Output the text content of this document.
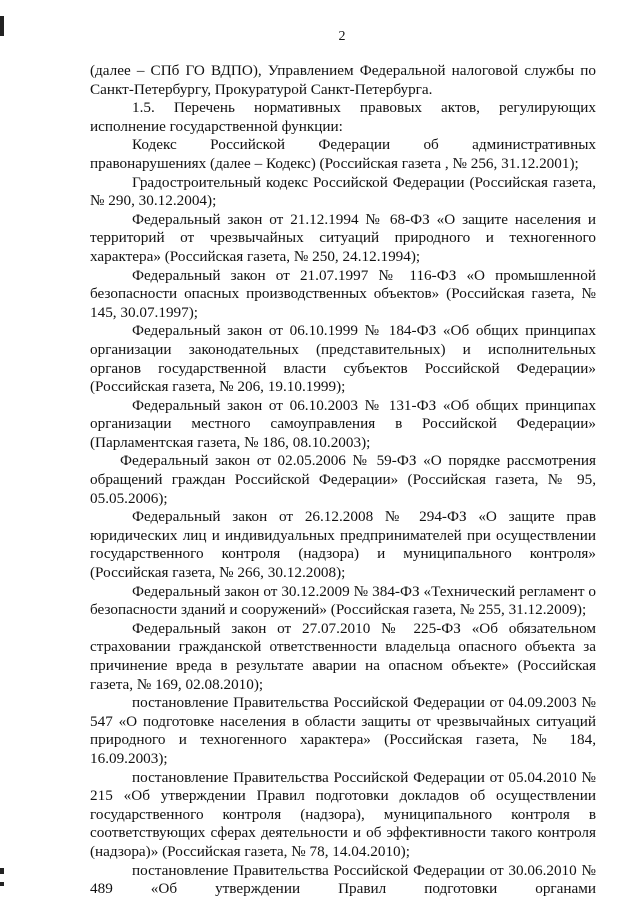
2

(далее – СПб ГО ВДПО), Управлением Федеральной налоговой службы по Санкт-Петербургу, Прокуратурой Санкт-Петербурга.

1.5. Перечень нормативных правовых актов, регулирующих исполнение государственной функции:

Кодекс Российской Федерации об административных правонарушениях (далее – Кодекс) (Российская газета , № 256, 31.12.2001);

Градостроительный кодекс Российской Федерации (Российская газета, № 290, 30.12.2004);

Федеральный закон от 21.12.1994 № 68-ФЗ «О защите населения и территорий от чрезвычайных ситуаций природного и техногенного характера» (Российская газета, № 250, 24.12.1994);

Федеральный закон от 21.07.1997 № 116-ФЗ «О промышленной безопасности опасных производственных объектов» (Российская газета, № 145, 30.07.1997);

Федеральный закон от 06.10.1999 № 184-ФЗ «Об общих принципах организации законодательных (представительных) и исполнительных органов государственной власти субъектов Российской Федерации» (Российская газета, № 206, 19.10.1999);

Федеральный закон от 06.10.2003 № 131-ФЗ «Об общих принципах организации местного самоуправления в Российской Федерации» (Парламентская газета, № 186, 08.10.2003);

Федеральный закон от 02.05.2006 № 59-ФЗ «О порядке рассмотрения обращений граждан Российской Федерации» (Российская газета, № 95, 05.05.2006);

Федеральный закон от 26.12.2008 № 294-ФЗ «О защите прав юридических лиц и индивидуальных предпринимателей при осуществлении государственного контроля (надзора) и муниципального контроля» (Российская газета, № 266, 30.12.2008);

Федеральный закон от 30.12.2009 № 384-ФЗ «Технический регламент о безопасности зданий и сооружений» (Российская газета, № 255, 31.12.2009);

Федеральный закон от 27.07.2010 № 225-ФЗ «Об обязательном страховании гражданской ответственности владельца опасного объекта за причинение вреда в результате аварии на опасном объекте» (Российская газета, № 169, 02.08.2010);

постановление Правительства Российской Федерации от 04.09.2003 № 547 «О подготовке населения в области защиты от чрезвычайных ситуаций природного и техногенного характера» (Российская газета, № 184, 16.09.2003);

постановление Правительства Российской Федерации от 05.04.2010 № 215 «Об утверждении Правил подготовки докладов об осуществлении государственного контроля (надзора), муниципального контроля в соответствующих сферах деятельности и об эффективности такого контроля (надзора)» (Российская газета, № 78, 14.04.2010);

постановление Правительства Российской Федерации от 30.06.2010 № 489 «Об утверждении Правил подготовки органами
